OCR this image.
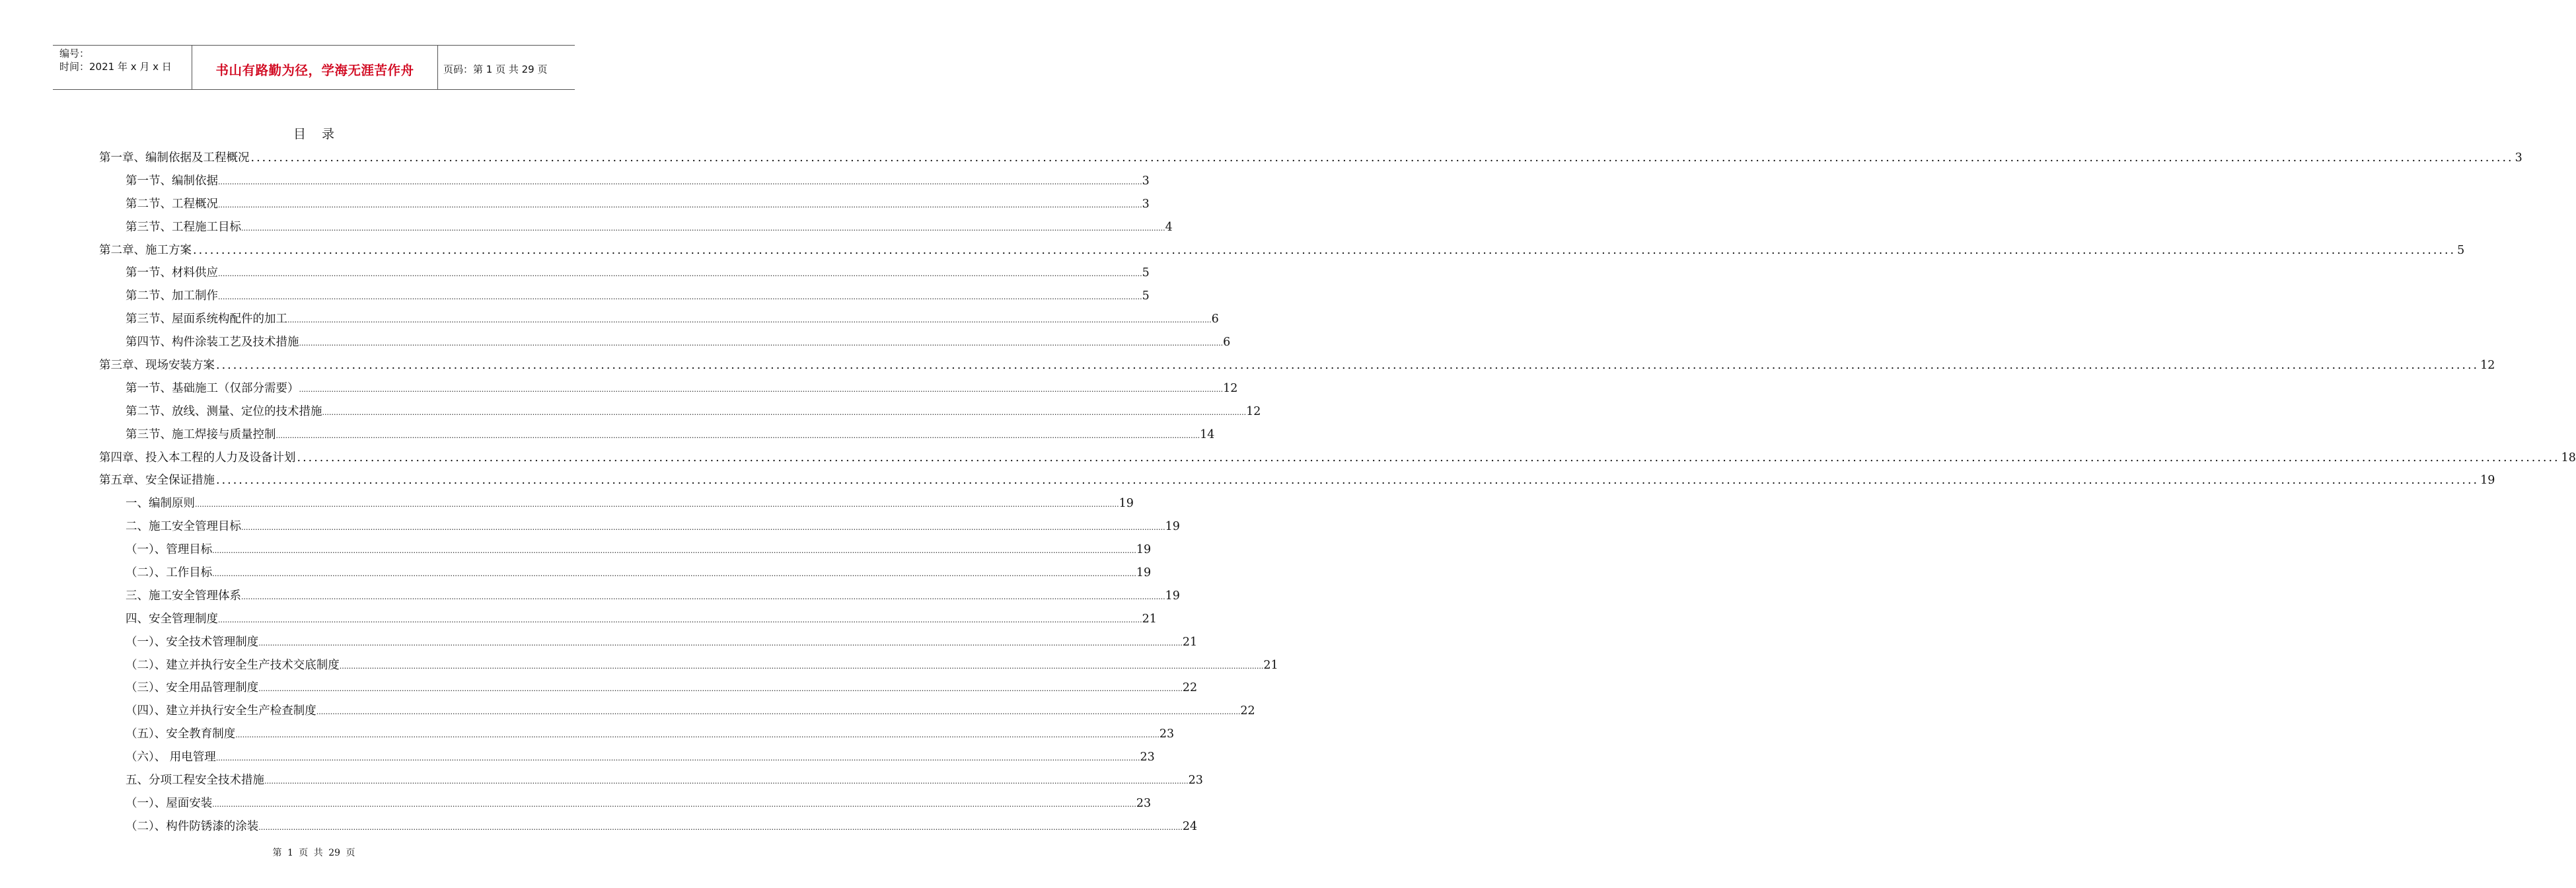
编号：
时间：2021 年 x 月 x 日	书山有路勤为径，学海无涯苦作舟	页码：第 1 页 共 29 页
目录
第一章、编制依据及工程概况 ................................................................................................................................................................................................................................................................................................................................................................................................................ 3
第一节、编制依据 ................................................................................................................................................................................................................................................................................................................................................................................................................ 3
第二节、工程概况 ................................................................................................................................................................................................................................................................................................................................................................................................................ 3
第三节、工程施工目标 ................................................................................................................................................................................................................................................................................................................................................................................................................ 4
第二章、施工方案 ................................................................................................................................................................................................................................................................................................................................................................................................................ 5
第一节、材料供应 ................................................................................................................................................................................................................................................................................................................................................................................................................ 5
第二节、加工制作 ................................................................................................................................................................................................................................................................................................................................................................................................................ 5
第三节、屋面系统构配件的加工 ................................................................................................................................................................................................................................................................................................................................................................................................................ 6
第四节、构件涂装工艺及技术措施 ................................................................................................................................................................................................................................................................................................................................................................................................................ 6
第三章、现场安装方案 ................................................................................................................................................................................................................................................................................................................................................................................................................ 12
第一节、基础施工（仅部分需要） ................................................................................................................................................................................................................................................................................................................................................................................................................ 12
第二节、放线、测量、定位的技术措施 ................................................................................................................................................................................................................................................................................................................................................................................................................ 12
第三节、施工焊接与质量控制 ................................................................................................................................................................................................................................................................................................................................................................................................................ 14
第四章、投入本工程的人力及设备计划 ................................................................................................................................................................................................................................................................................................................................................................................................................ 18
第五章、安全保证措施 ................................................................................................................................................................................................................................................................................................................................................................................................................ 19
一、编制原则 ................................................................................................................................................................................................................................................................................................................................................................................................................ 19
二、施工安全管理目标 ................................................................................................................................................................................................................................................................................................................................................................................................................ 19
（一）、管理目标 ................................................................................................................................................................................................................................................................................................................................................................................................................ 19
（二）、工作目标 ................................................................................................................................................................................................................................................................................................................................................................................................................ 19
三、施工安全管理体系 ................................................................................................................................................................................................................................................................................................................................................................................................................ 19
四、安全管理制度 ................................................................................................................................................................................................................................................................................................................................................................................................................ 21
（一）、安全技术管理制度 ................................................................................................................................................................................................................................................................................................................................................................................................................ 21
（二）、建立并执行安全生产技术交底制度 ................................................................................................................................................................................................................................................................................................................................................................................................................ 21
（三）、安全用品管理制度 ................................................................................................................................................................................................................................................................................................................................................................................................................ 22
（四）、建立并执行安全生产检查制度 ................................................................................................................................................................................................................................................................................................................................................................................................................ 22
（五）、安全教育制度 ................................................................................................................................................................................................................................................................................................................................................................................................................ 23
（六）、 用电管理 ................................................................................................................................................................................................................................................................................................................................................................................................................ 23
五、分项工程安全技术措施 ................................................................................................................................................................................................................................................................................................................................................................................................................ 23
（一）、屋面安装 ................................................................................................................................................................................................................................................................................................................................................................................................................ 23
（二）、构件防锈漆的涂装 ................................................................................................................................................................................................................................................................................................................................................................................................................ 24
第 1 页 共 29 页
